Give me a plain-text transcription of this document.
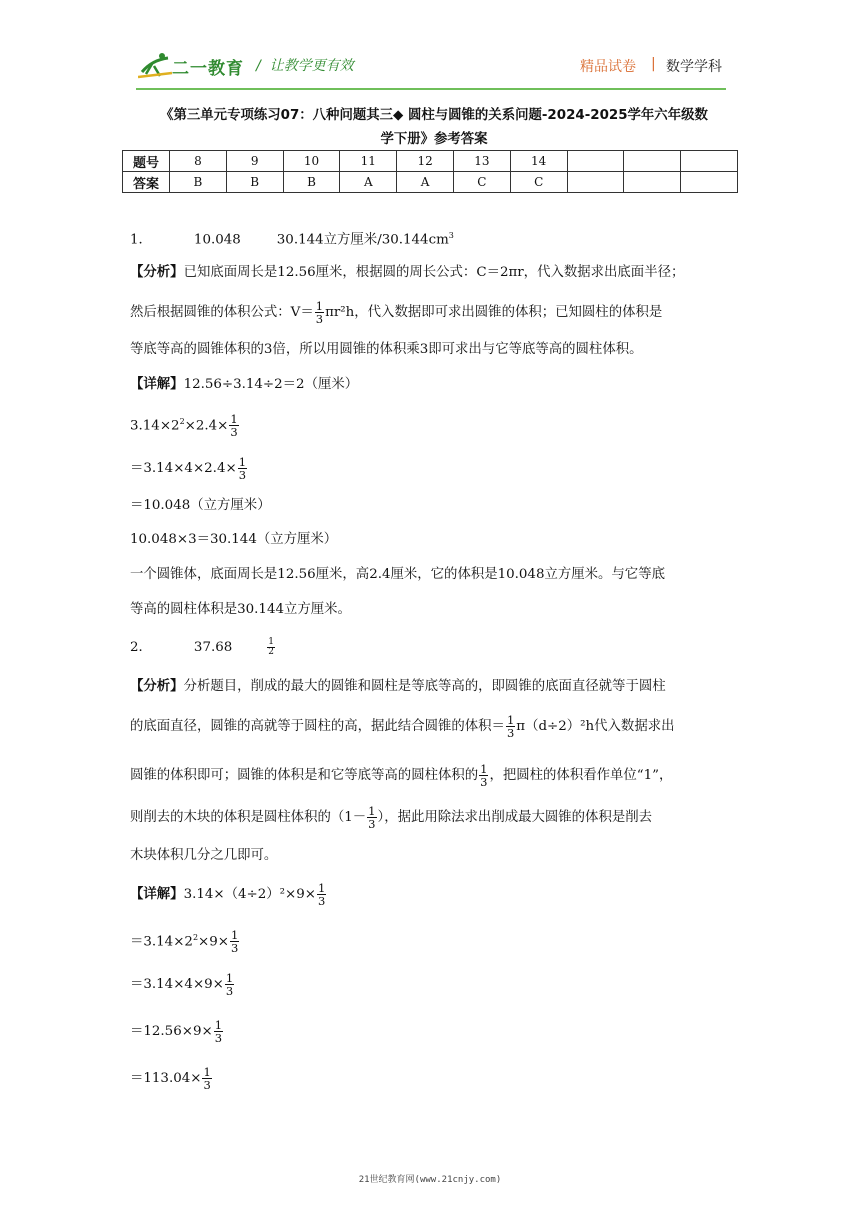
二一教育 / 让教学更有效	精品试卷 | 数学学科
《第三单元专项练习07：八种问题其三◆ 圆柱与圆锥的关系问题-2024-2025学年六年级数
学下册》参考答案
题号	8	9	10	11	12	13	14			
答案	B	B	B	A	A	C	C			
1．	10.048	30.144立方厘米$/30.144cm^3$
【分析】已知底面周长是12.56厘米，根据圆的周长公式：C＝2πr，代入数据求出底面半径；
然后根据圆锥的体积公式：$V= \frac{1}{3} \pi r^2h$，代入数据即可求出圆锥的体积；已知圆柱的体积是
等底等高的圆锥体积的3倍，所以用圆锥的体积乘3即可求出与它等底等高的圆柱体积。
【详解】12.56÷3.14÷2＝2（厘米）
$3.14\times 2^2\times 2.4\times \frac{1}{3}$
$=3.14\times 4\times 2.4\times \frac{1}{3}$
＝10.048（立方厘米）
10.048×3＝30.144（立方厘米）
一个圆锥体，底面周长是12.56厘米，高2.4厘米，它的体积是10.048立方厘米。与它等底
等高的圆柱体积是30.144立方厘米。
2．	37.68	$\frac{1}{2}$
【分析】分析题目，削成的最大的圆锥和圆柱是等底等高的，即圆锥的底面直径就等于圆柱
的底面直径，圆锥的高就等于圆柱的高，据此结合圆锥的体积＝ $\frac{1}{3} \pi(d\div 2)^2h$代入数据求出
圆锥的体积即可；圆锥的体积是和它等底等高的圆柱体积的 $\frac{1}{3}$ ，把圆柱的体积看作单位“1”，
则削去的木块的体积是圆柱体积的（$1- \frac{1}{3}$ ），据此用除法求出削成最大圆锥的体积是削去
木块体积几分之几即可。
【详解】$3.14\times(4\div 2)^2\times 9\times \frac{1}{3}$
$=3.14\times 2^2\times 9\times \frac{1}{3}$
$=3.14\times 4\times 9\times \frac{1}{3}$
$=12.56\times 9\times \frac{1}{3}$
$=113.04\times \frac{1}{3}$
21世纪教育网(www.21cnjy.com)
